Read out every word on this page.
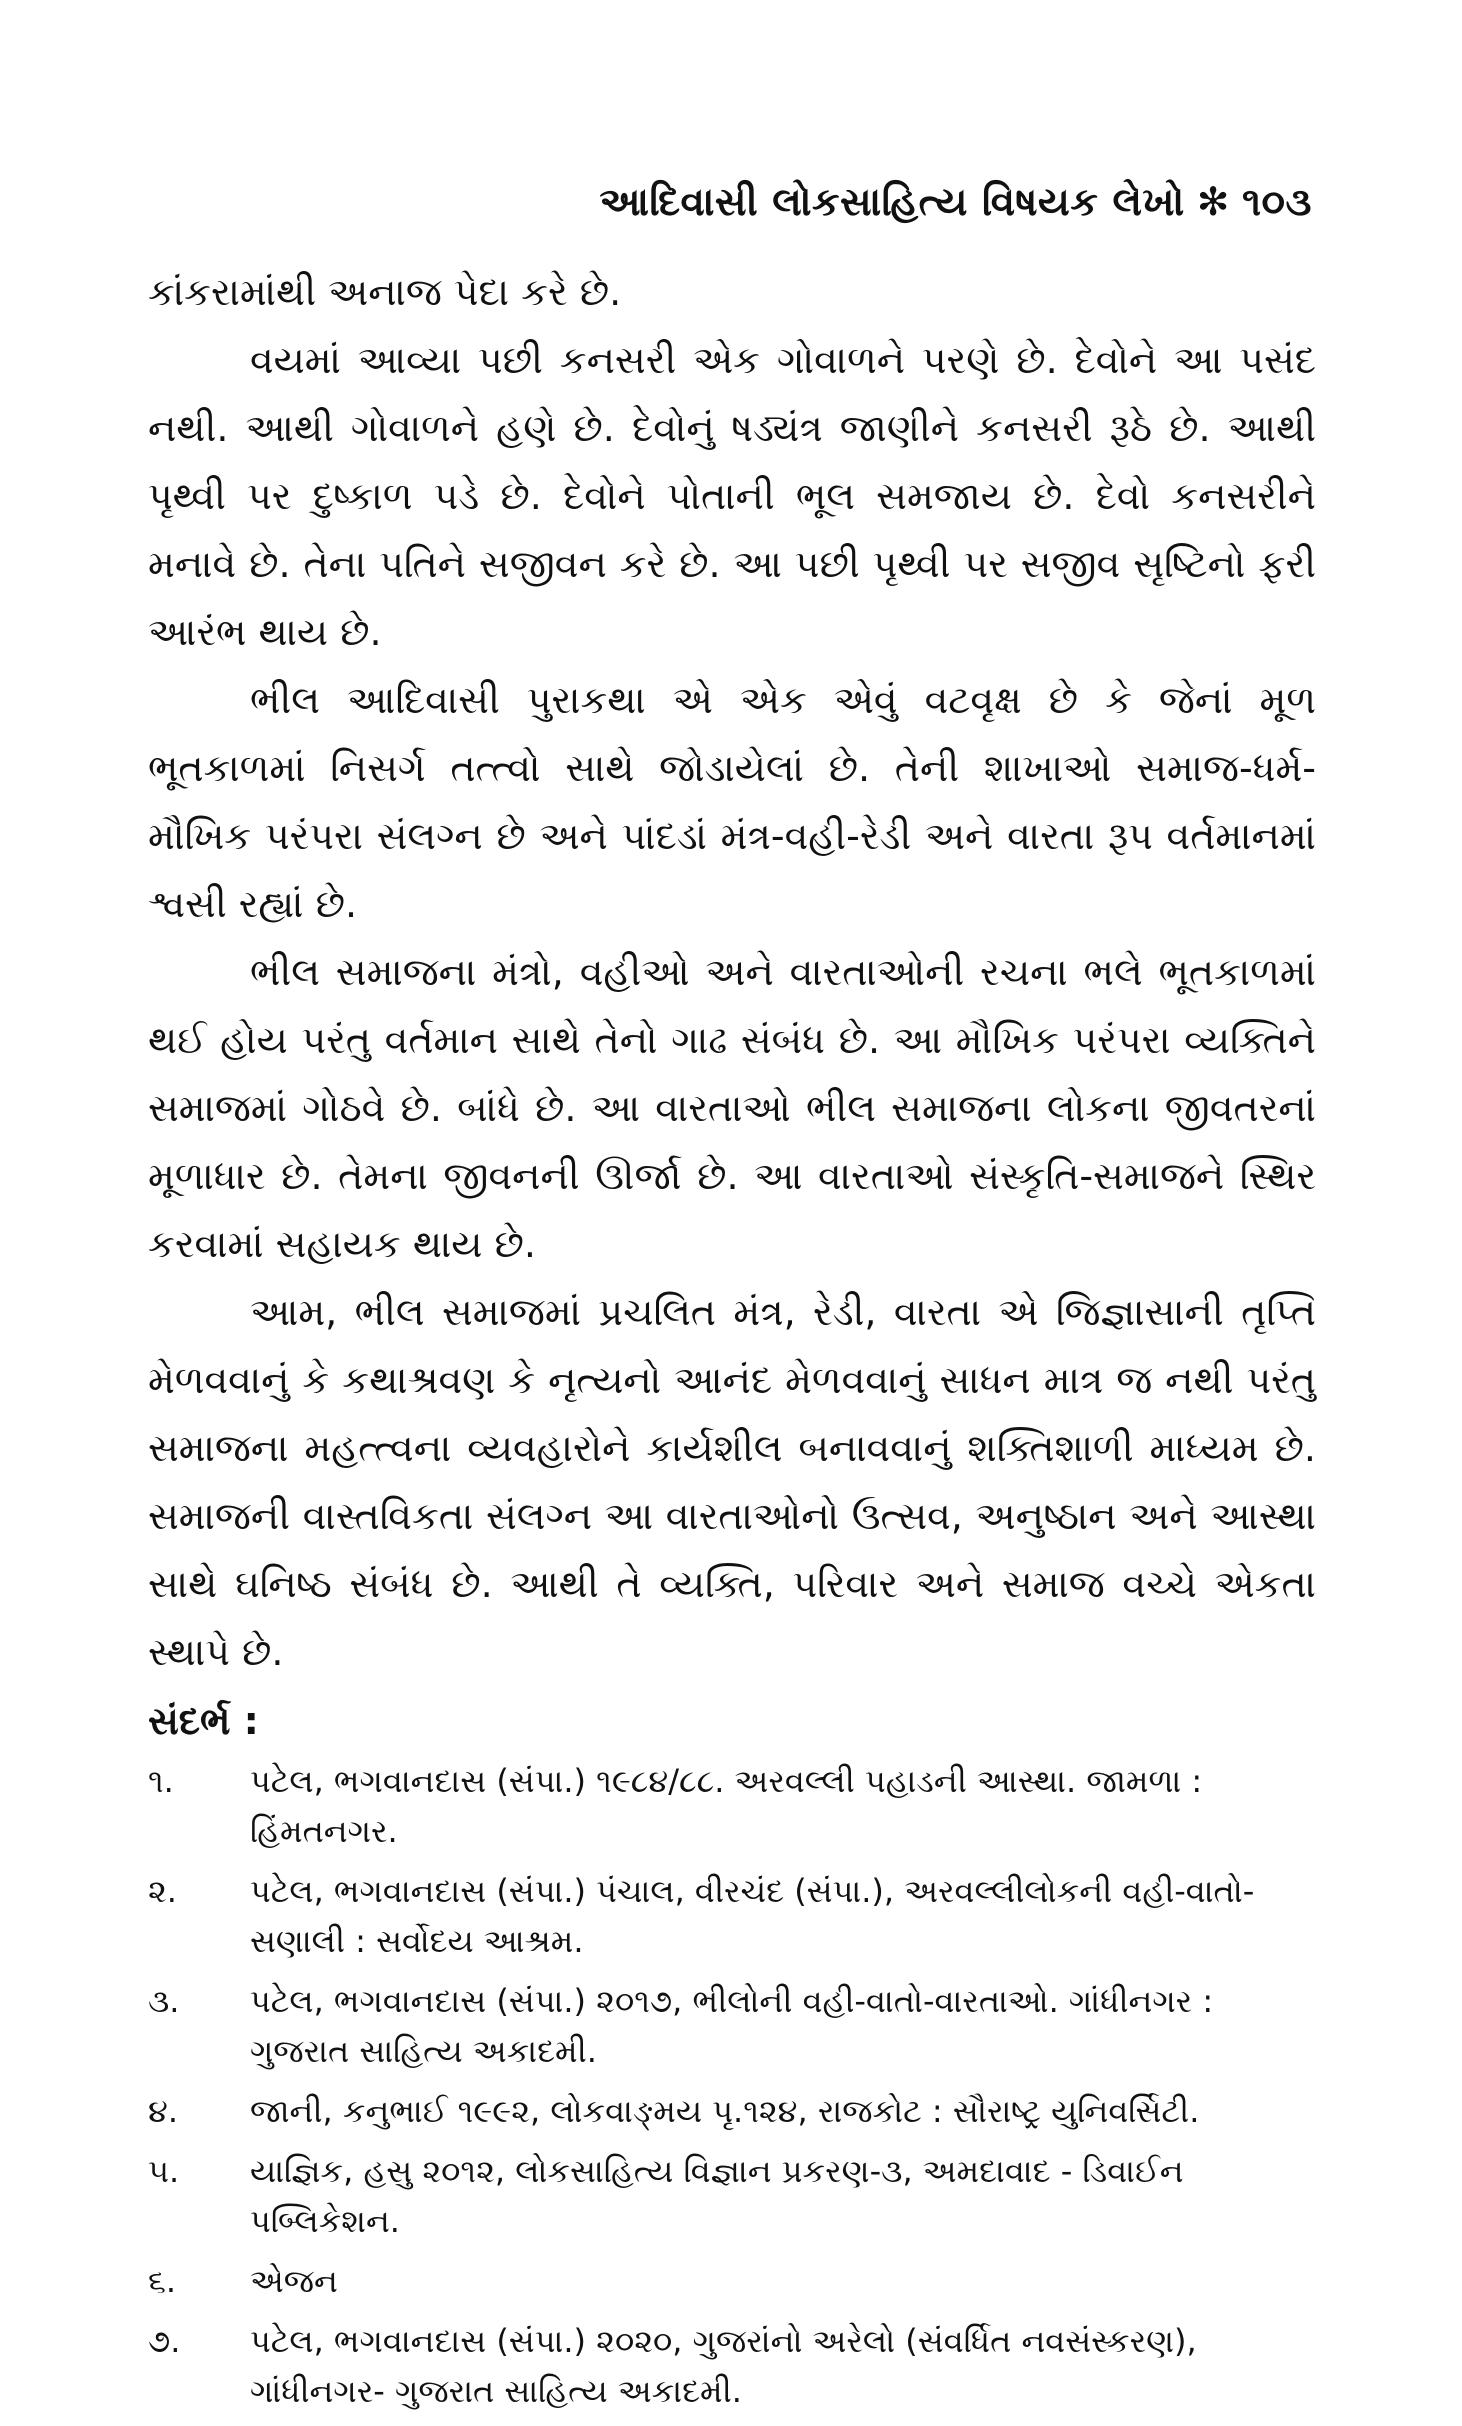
આદિવાસી લોકસાહિત્ય વિષયક લેખો ✻ ૧૦૩

કાંકરામાંથી અનાજ પેદા કરે છે.

વયમાં આવ્યા પછી કનસરી એક ગોવાળને પરણે છે. દેવોને આ પસંદ નથી. આથી ગોવાળને હણે છે. દેવોનું ષડ્યંત્ર જાણીને કનસરી રૂઠે છે. આથી પૃથ્વી પર દુષ્કાળ પડે છે. દેવોને પોતાની ભૂલ સમજાય છે. દેવો કનસરીને મનાવે છે. તેના પતિને સજીવન કરે છે. આ પછી પૃથ્વી પર સજીવ સૃષ્ટિનો ફરી આરંભ થાય છે.

ભીલ આદિવાસી પુરાકથા એ એક એવું વટવૃક્ષ છે કે જેનાં મૂળ ભૂતકાળમાં નિસર્ગ તત્ત્વો સાથે જોડાયેલાં છે. તેની શાખાઓ સમાજ-ધર્મ-મૌખિક પરંપરા સંલગ્ન છે અને પાંદડાં મંત્ર-વહી-રેડી અને વારતા રૂપ વર્તમાનમાં શ્વસી રહ્યાં છે.

ભીલ સમાજના મંત્રો, વહીઓ અને વારતાઓની રચના ભલે ભૂતકાળમાં થઈ હોય પરંતુ વર્તમાન સાથે તેનો ગાઢ સંબંધ છે. આ મૌખિક પરંપરા વ્યક્તિને સમાજમાં ગોઠવે છે. બાંધે છે. આ વારતાઓ ભીલ સમાજના લોકના જીવતરનાં મૂળાધાર છે. તેમના જીવનની ઊર્જા છે. આ વારતાઓ સંસ્કૃતિ-સમાજને સ્થિર કરવામાં સહાયક થાય છે.

આમ, ભીલ સમાજમાં પ્રચલિત મંત્ર, રેડી, વારતા એ જિજ્ઞાસાની તૃપ્તિ મેળવવાનું કે કથાશ્રવણ કે નૃત્યનો આનંદ મેળવવાનું સાધન માત્ર જ નથી પરંતુ સમાજના મહત્ત્વના વ્યવહારોને કાર્યશીલ બનાવવાનું શક્તિશાળી માધ્યમ છે. સમાજની વાસ્તવિકતા સંલગ્ન આ વારતાઓનો ઉત્સવ, અનુષ્ઠાન અને આસ્થા સાથે ઘનિષ્ઠ સંબંધ છે. આથી તે વ્યક્તિ, પરિવાર અને સમાજ વચ્ચે એકતા સ્થાપે છે.

સંદર્ભ :

૧. પટેલ, ભગવાનદાસ (સંપા.) ૧૯૮૪/૮૮. અરવલ્લી પહાડની આસ્થા. જામળા : હિંમતનગર.
૨. પટેલ, ભગવાનદાસ (સંપા.) પંચાલ, વીરચંદ (સંપા.), અરવલ્લીલોકની વહી-વાતો-સણાલી : સર્વોદય આશ્રમ.
૩. પટેલ, ભગવાનદાસ (સંપા.) ૨૦૧૭, ભીલોની વહી-વાતો-વારતાઓ. ગાંધીનગર : ગુજરાત સાહિત્ય અકાદમી.
૪. જાની, કનુભાઈ ૧૯૯૨, લોકવાઙ્મય પૃ.૧૨૪, રાજકોટ : સૌરાષ્ટ્ર યુનિવર્સિટી.
૫. યાજ્ઞિક, હસુ ૨૦૧૨, લોકસાહિત્ય વિજ્ઞાન પ્રકરણ-૩, અમદાવાદ - ડિવાઈન પબ્લિકેશન.
૬. એજન
૭. પટેલ, ભગવાનદાસ (સંપા.) ૨૦૨૦, ગુજરાંનો અરેલો (સંવર્ધિત નવસંસ્કરણ), ગાંધીનગર- ગુજરાત સાહિત્ય અકાદમી.
